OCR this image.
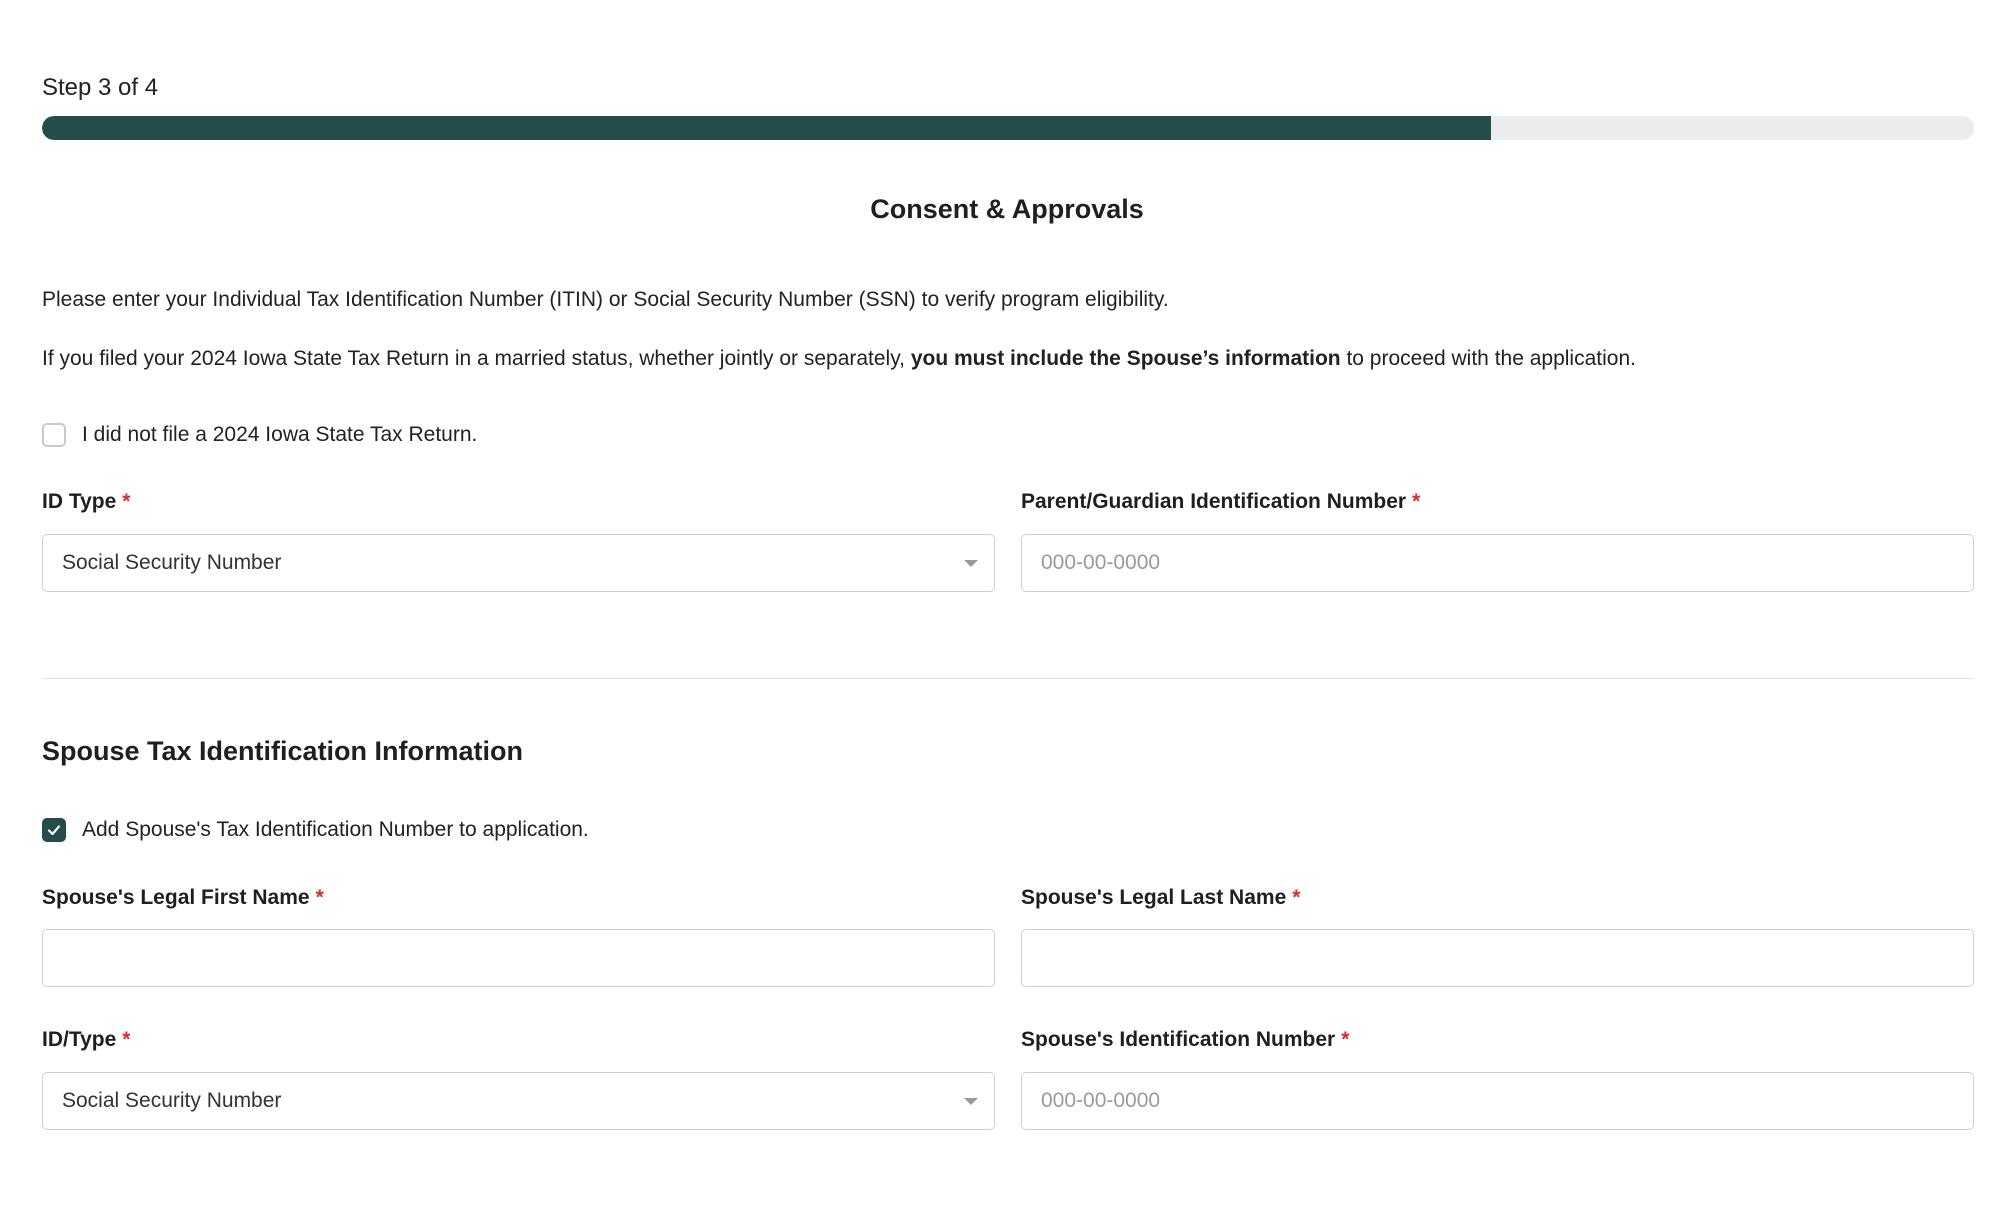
Step 3 of 4
Consent & Approvals
Please enter your Individual Tax Identification Number (ITIN) or Social Security Number (SSN) to verify program eligibility.
If you filed your 2024 Iowa State Tax Return in a married status, whether jointly or separately, you must include the Spouse’s information to proceed with the application.
I did not file a 2024 Iowa State Tax Return.
ID Type *	Parent/Guardian Identification Number *
Social Security Number	000-00-0000
Spouse Tax Identification Information
Add Spouse's Tax Identification Number to application.
Spouse's Legal First Name *	Spouse's Legal Last Name *
ID/Type *	Spouse's Identification Number *
Social Security Number	000-00-0000
